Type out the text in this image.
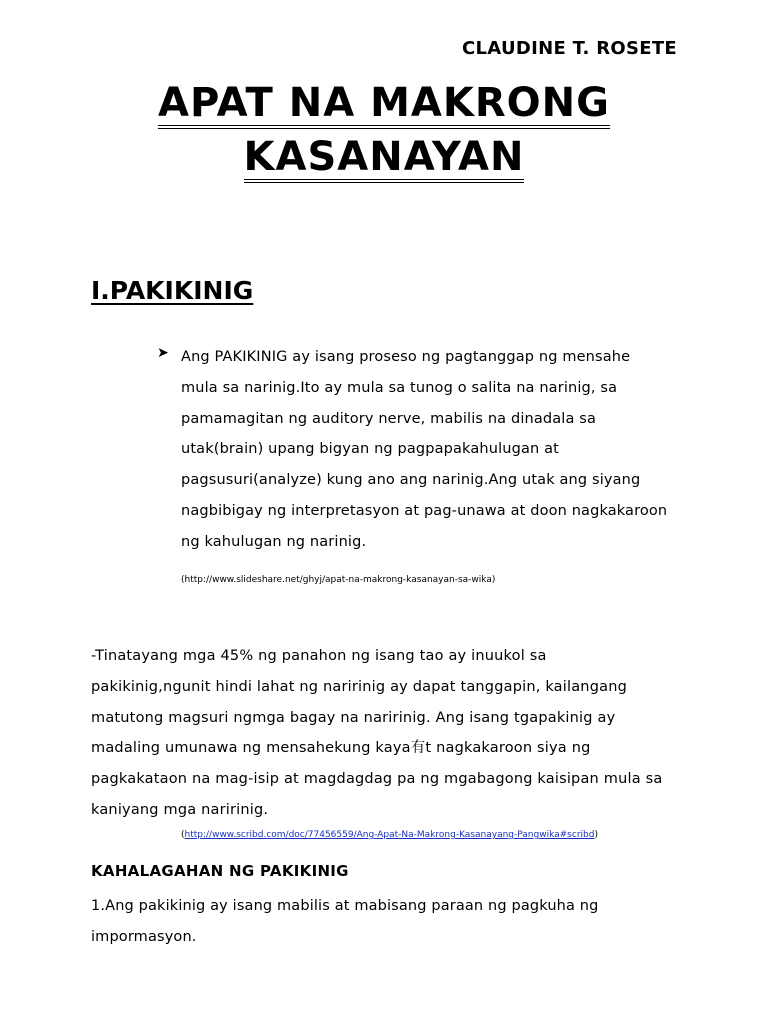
CLAUDINE T. ROSETE
APAT NA MAKRONG
KASANAYAN
I.PAKIKINIG
➤ Ang PAKIKINIG ay isang proseso ng pagtanggap ng mensahe
mula sa narinig.Ito ay mula sa tunog o salita na narinig, sa
pamamagitan ng auditory nerve, mabilis na dinadala sa
utak(brain) upang bigyan ng pagpapakahulugan at
pagsusuri(analyze) kung ano ang narinig.Ang utak ang siyang
nagbibigay ng interpretasyon at pag-unawa at doon nagkakaroon
ng kahulugan ng narinig.
(http://www.slideshare.net/ghyj/apat-na-makrong-kasanayan-sa-wika)
-Tinatayang mga 45% ng panahon ng isang tao ay inuukol sa
pakikinig,ngunit hindi lahat ng naririnig ay dapat tanggapin, kailangang
matutong magsuri ngmga bagay na naririnig. Ang isang tgapakinig ay
madaling umunawa ng mensahekung kaya有t nagkakaroon siya ng
pagkakataon na mag-isip at magdagdag pa ng mgabagong kaisipan mula sa
kaniyang mga naririnig.
(http://www.scribd.com/doc/77456559/Ang-Apat-Na-Makrong-Kasanayang-Pangwika#scribd)
KAHALAGAHAN NG PAKIKINIG
1.Ang pakikinig ay isang mabilis at mabisang paraan ng pagkuha ng
impormasyon.
